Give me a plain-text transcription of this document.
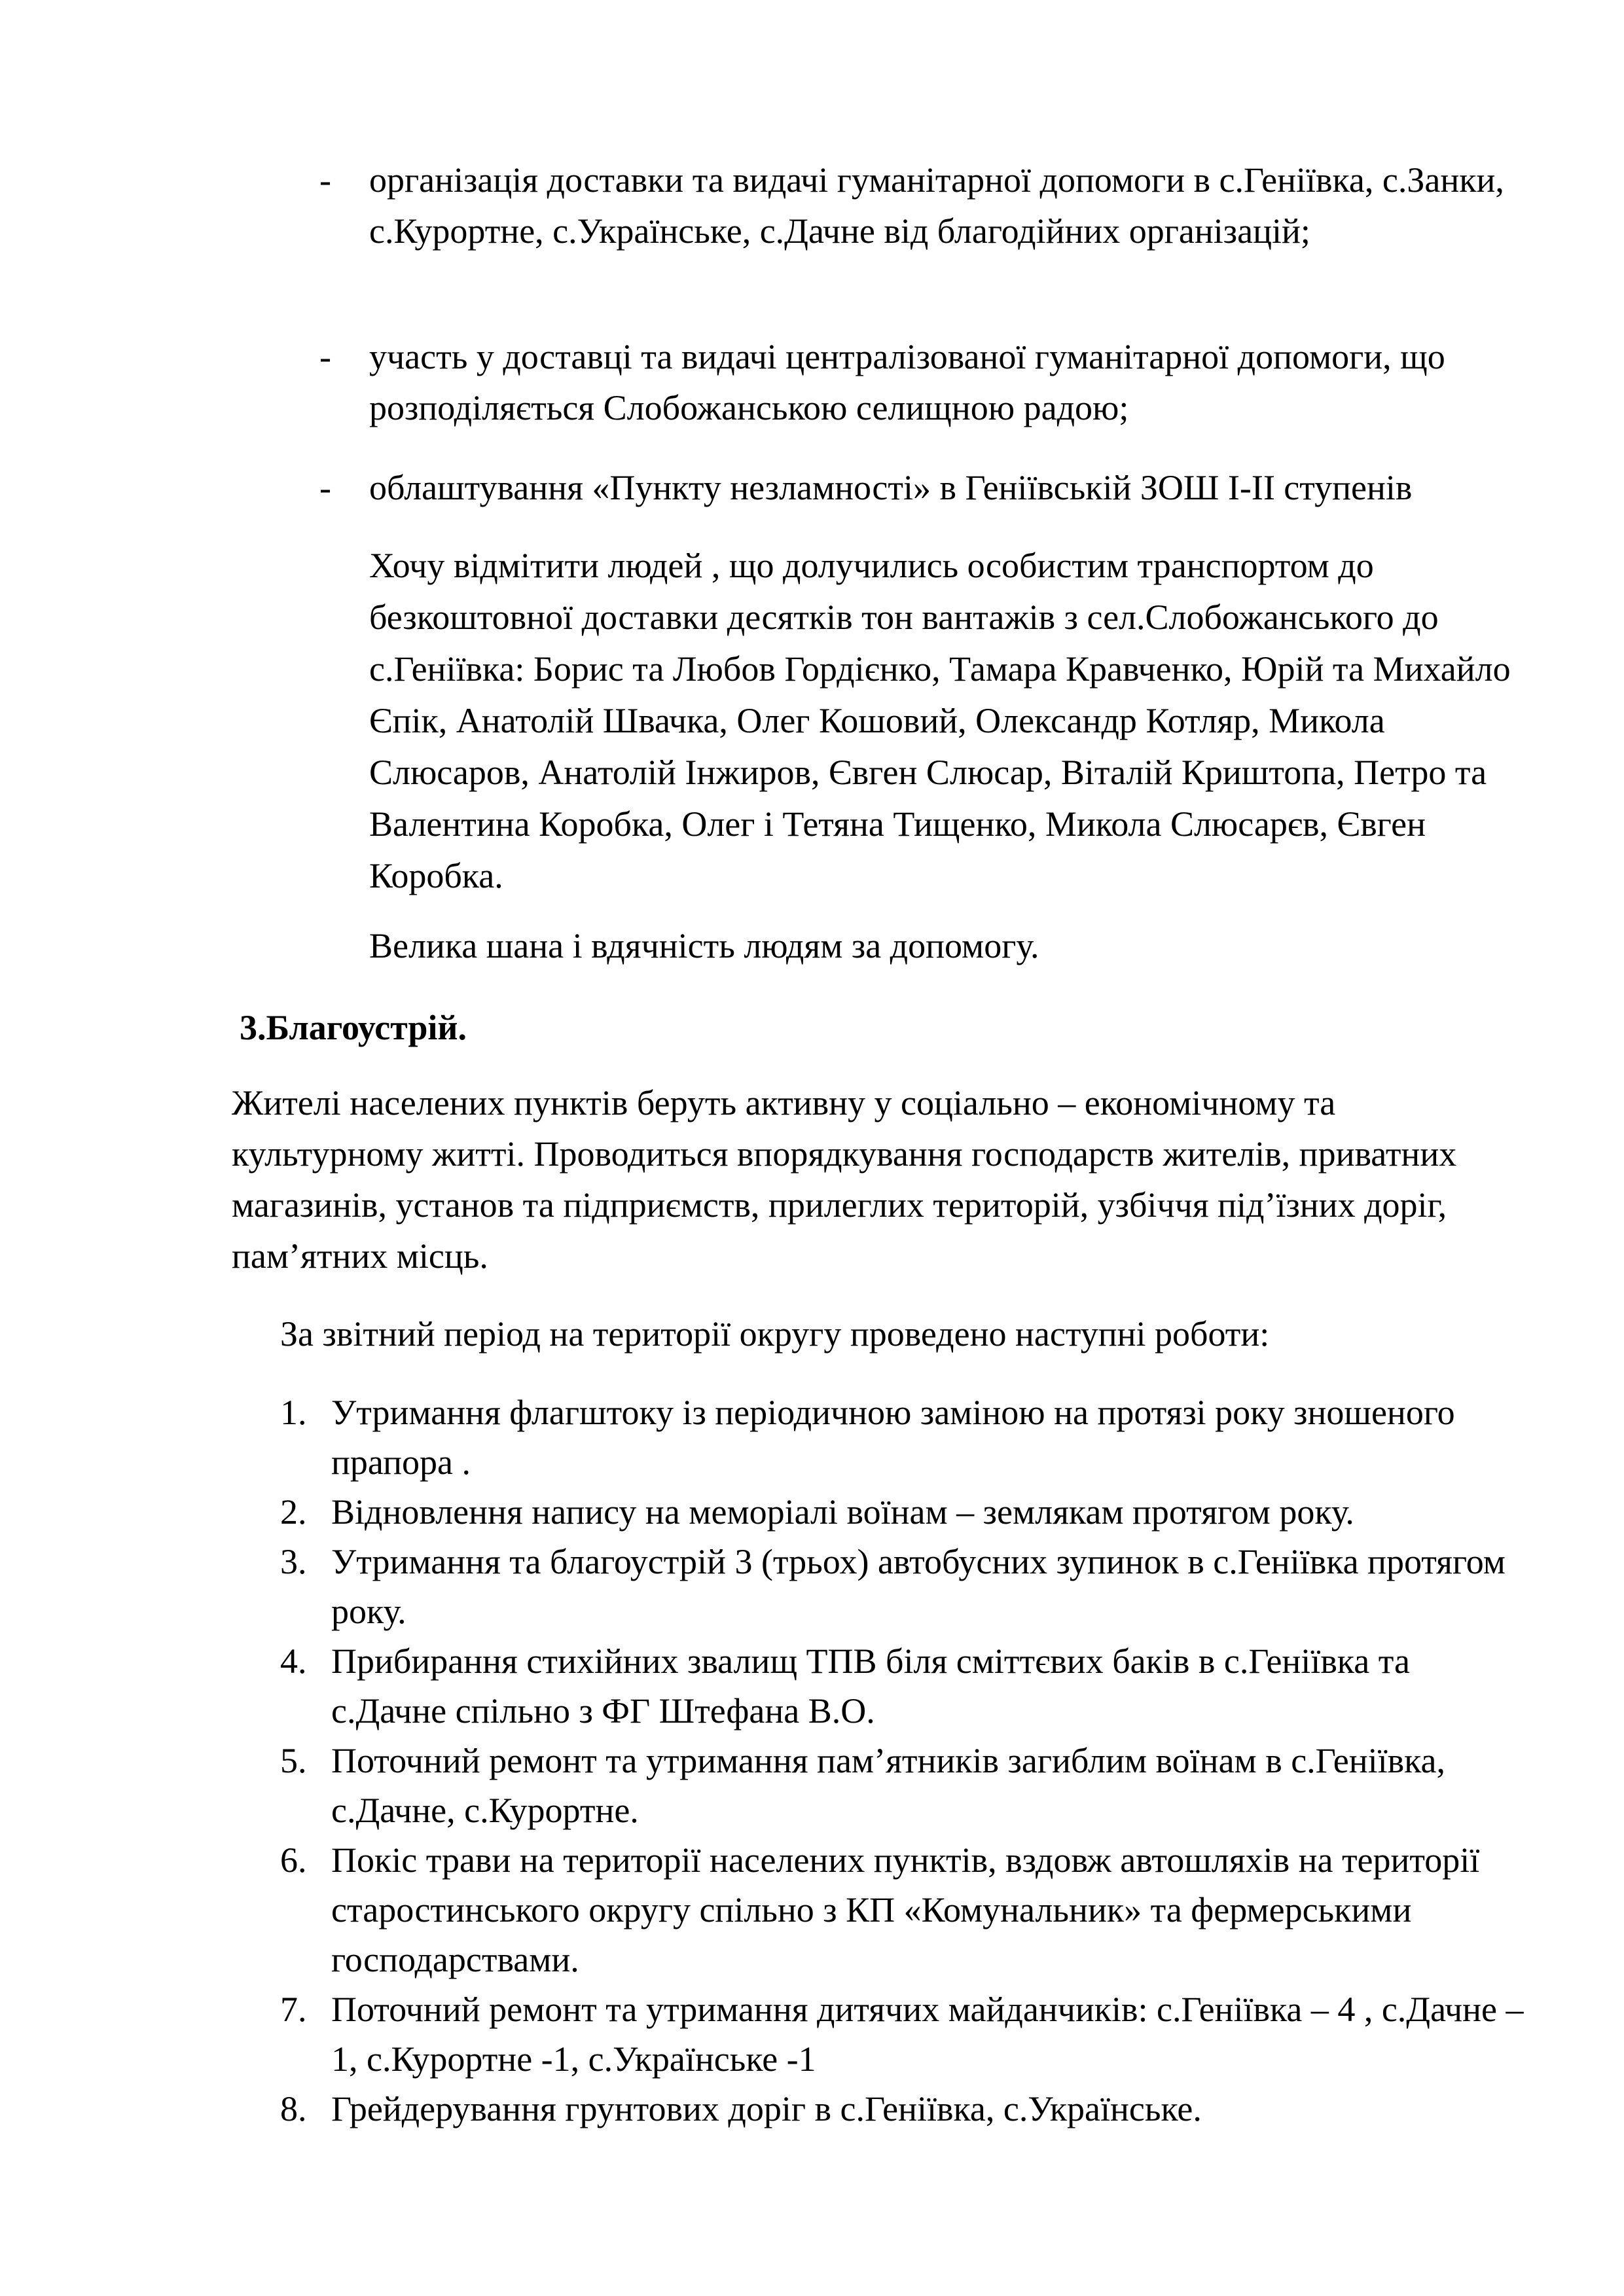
- організація доставки та видачі гуманітарної допомоги в с.Геніївка, с.Занки, с.Курортне, с.Українське, с.Дачне від благодійних організацій;
- участь у доставці та видачі централізованої гуманітарної допомоги, що розподіляється Слобожанською селищною радою;
- облаштування «Пункту незламності» в Геніївській ЗОШ І-ІІ ступенів
Хочу відмітити людей , що долучились особистим транспортом до безкоштовної доставки десятків тон вантажів з сел.Слобожанського до с.Геніївка: Борис та Любов Гордієнко, Тамара Кравченко, Юрій та Михайло Єпік, Анатолій Швачка, Олег Кошовий, Олександр Котляр, Микола Слюсаров, Анатолій Інжиров, Євген Слюсар, Віталій Криштопа, Петро та Валентина Коробка, Олег і Тетяна Тищенко, Микола Слюсарєв, Євген Коробка.
Велика шана і вдячність людям за допомогу.
3.Благоустрій.
Жителі населених пунктів беруть активну у соціально – економічному та культурному житті. Проводиться впорядкування господарств жителів, приватних магазинів, установ та підприємств, прилеглих територій, узбіччя під’їзних доріг, пам’ятних місць.
За звітний період на території округу проведено наступні роботи:
1. Утримання флагштоку із періодичною заміною на протязі року зношеного прапора .
2. Відновлення напису на меморіалі воїнам – землякам протягом року.
3. Утримання та благоустрій 3 (трьох) автобусних зупинок в с.Геніївка протягом року.
4. Прибирання стихійних звалищ ТПВ біля сміттєвих баків в с.Геніївка та с.Дачне спільно з ФГ Штефана В.О.
5. Поточний ремонт та утримання пам’ятників загиблим воїнам в с.Геніївка, с.Дачне, с.Курортне.
6. Покіс трави на території населених пунктів, вздовж автошляхів на території старостинського округу спільно з КП «Комунальник» та фермерськими господарствами.
7. Поточний ремонт та утримання дитячих майданчиків: с.Геніївка – 4 , с.Дачне – 1, с.Курортне -1, с.Українське -1
8. Грейдерування грунтових доріг в с.Геніївка, с.Українське.
